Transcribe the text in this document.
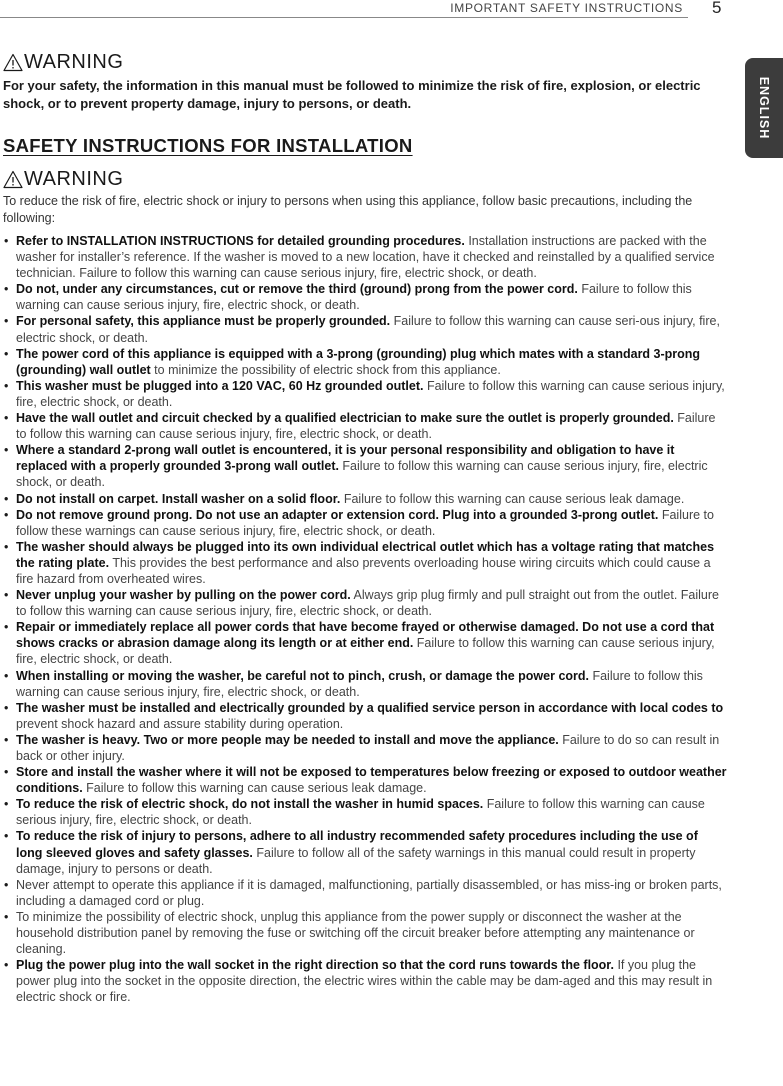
IMPORTANT SAFETY INSTRUCTIONS 5
ENGLISH
WARNING

For your safety, the information in this manual must be followed to minimize the risk of fire, explosion, or electric shock, or to prevent property damage, injury to persons, or death.

SAFETY INSTRUCTIONS FOR INSTALLATION
WARNING

To reduce the risk of fire, electric shock or injury to persons when using this appliance, follow basic precautions, including the following:

• Refer to INSTALLATION INSTRUCTIONS for detailed grounding procedures. Installation instructions are packed with the washer for installer’s reference. If the washer is moved to a new location, have it checked and reinstalled by a qualified service technician. Failure to follow this warning can cause serious injury, fire, electric shock, or death.
• Do not, under any circumstances, cut or remove the third (ground) prong from the power cord. Failure to follow this warning can cause serious injury, fire, electric shock, or death.
• For personal safety, this appliance must be properly grounded. Failure to follow this warning can cause seri-ous injury, fire, electric shock, or death.
• The power cord of this appliance is equipped with a 3-prong (grounding) plug which mates with a standard 3-prong (grounding) wall outlet to minimize the possibility of electric shock from this appliance.
• This washer must be plugged into a 120 VAC, 60 Hz grounded outlet. Failure to follow this warning can cause serious injury, fire, electric shock, or death.
• Have the wall outlet and circuit checked by a qualified electrician to make sure the outlet is properly grounded. Failure to follow this warning can cause serious injury, fire, electric shock, or death.
• Where a standard 2-prong wall outlet is encountered, it is your personal responsibility and obligation to have it replaced with a properly grounded 3-prong wall outlet. Failure to follow this warning can cause serious injury, fire, electric shock, or death.
• Do not install on carpet. Install washer on a solid floor. Failure to follow this warning can cause serious leak damage.
• Do not remove ground prong. Do not use an adapter or extension cord. Plug into a grounded 3-prong outlet. Failure to follow these warnings can cause serious injury, fire, electric shock, or death.
• The washer should always be plugged into its own individual electrical outlet which has a voltage rating that matches the rating plate. This provides the best performance and also prevents overloading house wiring circuits which could cause a fire hazard from overheated wires.
• Never unplug your washer by pulling on the power cord. Always grip plug firmly and pull straight out from the outlet. Failure to follow this warning can cause serious injury, fire, electric shock, or death.
• Repair or immediately replace all power cords that have become frayed or otherwise damaged. Do not use a cord that shows cracks or abrasion damage along its length or at either end. Failure to follow this warning can cause serious injury, fire, electric shock, or death.
• When installing or moving the washer, be careful not to pinch, crush, or damage the power cord. Failure to follow this warning can cause serious injury, fire, electric shock, or death.
• The washer must be installed and electrically grounded by a qualified service person in accordance with local codes to prevent shock hazard and assure stability during operation.
• The washer is heavy. Two or more people may be needed to install and move the appliance. Failure to do so can result in back or other injury.
• Store and install the washer where it will not be exposed to temperatures below freezing or exposed to outdoor weather conditions. Failure to follow this warning can cause serious leak damage.
• To reduce the risk of electric shock, do not install the washer in humid spaces. Failure to follow this warning can cause serious injury, fire, electric shock, or death.
• To reduce the risk of injury to persons, adhere to all industry recommended safety procedures including the use of long sleeved gloves and safety glasses. Failure to follow all of the safety warnings in this manual could result in property damage, injury to persons or death.
• Never attempt to operate this appliance if it is damaged, malfunctioning, partially disassembled, or has miss-ing or broken parts, including a damaged cord or plug.
• To minimize the possibility of electric shock, unplug this appliance from the power supply or disconnect the washer at the household distribution panel by removing the fuse or switching off the circuit breaker before attempting any maintenance or cleaning.
• Plug the power plug into the wall socket in the right direction so that the cord runs towards the floor. If you plug the power plug into the socket in the opposite direction, the electric wires within the cable may be dam-aged and this may result in electric shock or fire.
